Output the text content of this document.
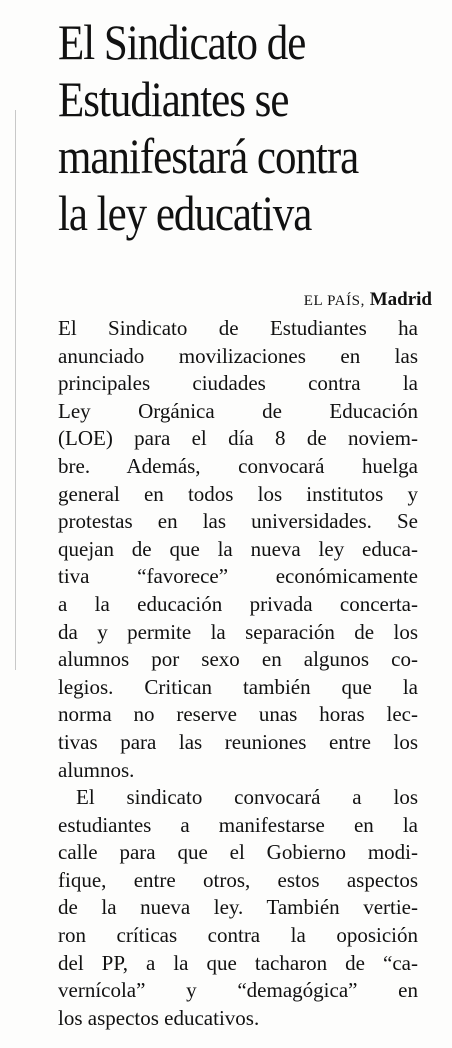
El Sindicato de
Estudiantes se
manifestará contra
la ley educativa
EL PAÍS, Madrid
El Sindicato de Estudiantes ha
anunciado movilizaciones en las
principales ciudades contra la
Ley Orgánica de Educación
(LOE) para el día 8 de noviem-
bre. Además, convocará huelga
general en todos los institutos y
protestas en las universidades. Se
quejan de que la nueva ley educa-
tiva “favorece” económicamente
a la educación privada concerta-
da y permite la separación de los
alumnos por sexo en algunos co-
legios. Critican también que la
norma no reserve unas horas lec-
tivas para las reuniones entre los
alumnos.
El sindicato convocará a los
estudiantes a manifestarse en la
calle para que el Gobierno modi-
fique, entre otros, estos aspectos
de la nueva ley. También vertie-
ron críticas contra la oposición
del PP, a la que tacharon de “ca-
vernícola” y “demagógica” en
los aspectos educativos.
